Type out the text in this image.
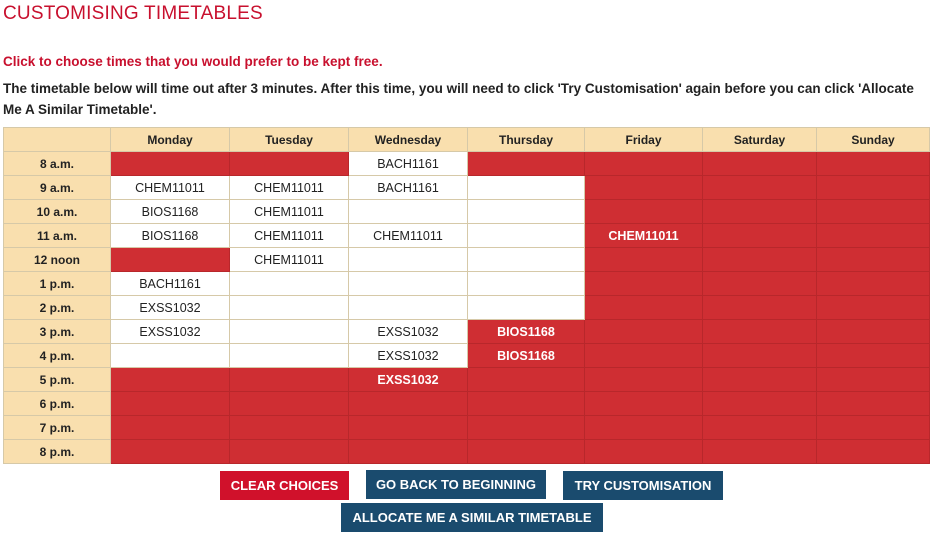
CUSTOMISING TIMETABLES
Click to choose times that you would prefer to be kept free.
The timetable below will time out after 3 minutes. After this time, you will need to click 'Try Customisation' again before you can click 'Allocate Me A Similar Timetable'.
	Monday	Tuesday	Wednesday	Thursday	Friday	Saturday	Sunday
8 a.m.			BACH1161				
9 a.m.	CHEM11011	CHEM11011	BACH1161				
10 a.m.	BIOS1168	CHEM11011					
11 a.m.	BIOS1168	CHEM11011	CHEM11011		CHEM11011		
12 noon		CHEM11011					
1 p.m.	BACH1161						
2 p.m.	EXSS1032						
3 p.m.	EXSS1032		EXSS1032	BIOS1168			
4 p.m.			EXSS1032	BIOS1168			
5 p.m.			EXSS1032				
6 p.m.							
7 p.m.							
8 p.m.							
CLEAR CHOICES	GO BACK TO BEGINNING	TRY CUSTOMISATION
ALLOCATE ME A SIMILAR TIMETABLE
